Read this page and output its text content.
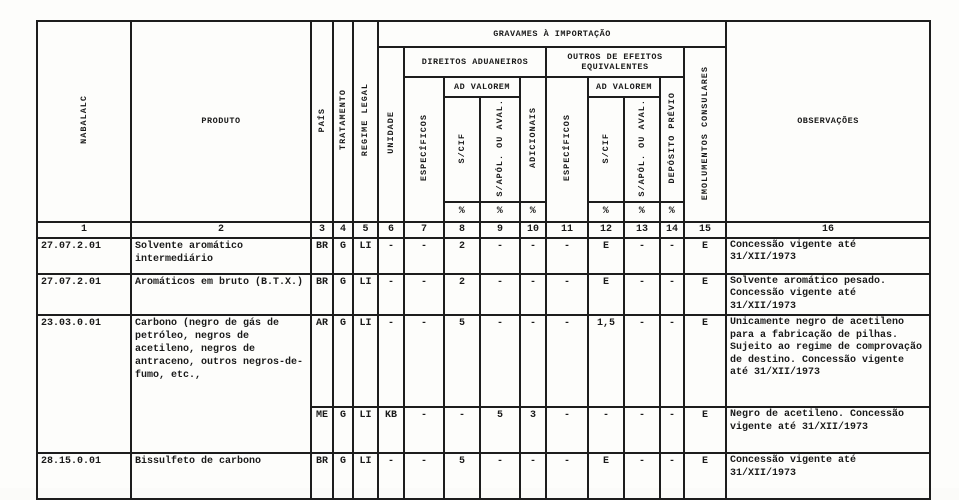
NABALALC	PRODUTO	PAÍS	TRATAMENTO	REGIME LEGAL	GRAVAMES À IMPORTAÇÃO										OBSERVAÇÕES
					UNIDADE	DIREITOS ADUANEIROS				OUTROS DE EFEITOS EQUIVALENTES				EMOLUMENTOS CONSULARES	
						ESPECÍFICOS	AD VALOREM		ADICIONAIS	ESPECÍFICOS	AD VALOREM		DEPÓSITO PRÉVIO		
							S/CIF	S/APÓL. OU AVAL.			S/CIF	S/APÓL. OU AVAL.			
							%	%	%		%	%	%		
1	2	3	4	5	6	7	8	9	10	11	12	13	14	15	16
27.07.2.01	Solvente aromático intermediário	BR	G	LI	-	-	2	-	-	-	E	-	-	E	Concessão vigente até 31/XII/1973
27.07.2.01	Aromáticos em bruto (B.T.X.)	BR	G	LI	-	-	2	-	-	-	E	-	-	E	Solvente aromático pesado. Concessão vigente até 31/XII/1973
23.03.0.01	Carbono (negro de gás de petróleo, negros de acetileno, negros de antraceno, outros negros-de-fumo, etc.,	AR	G	LI	-	-	5	-	-	-	1,5	-	-	E	Unicamente negro de acetileno para a fabricação de pilhas. Sujeito ao regime de comprovação de destino. Concessão vigente até 31/XII/1973
		ME	G	LI	KB	-	-	5	3	-	-	-	-	E	Negro de acetileno. Concessão vigente até 31/XII/1973
28.15.0.01	Bissulfeto de carbono	BR	G	LI	-	-	5	-	-	-	E	-	-	E	Concessão vigente até 31/XII/1973
